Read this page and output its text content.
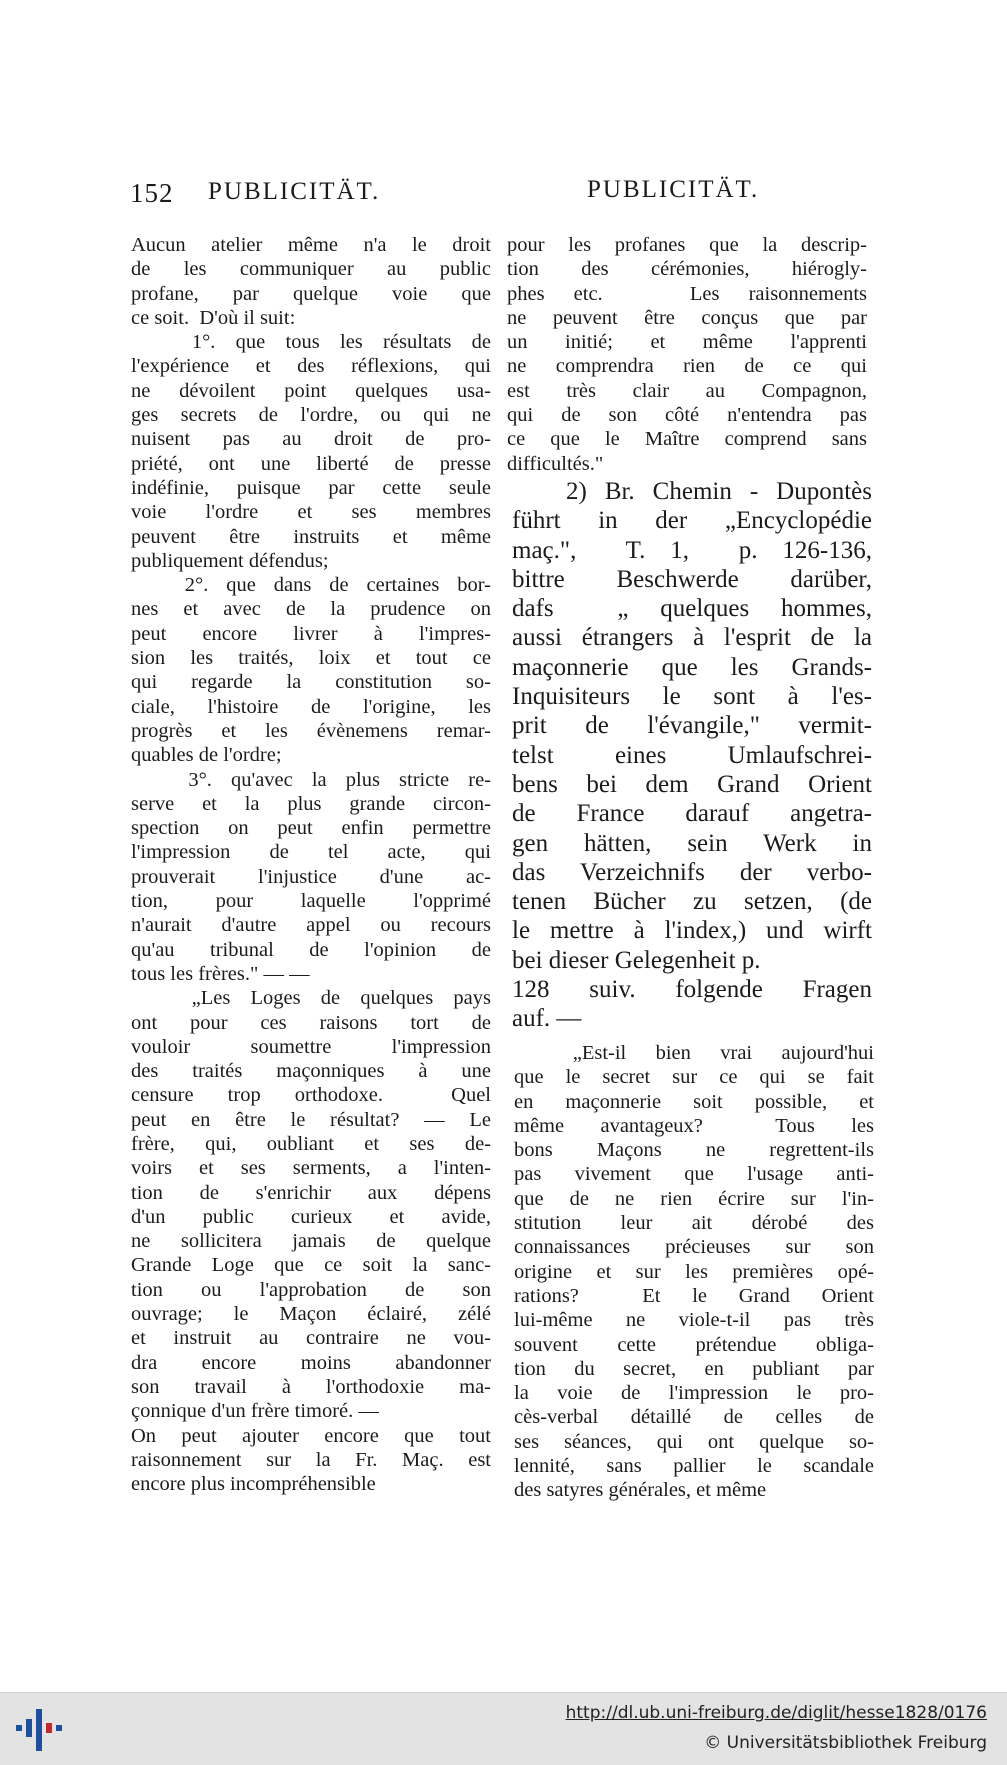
152 PUBLICITÄT.	PUBLICITÄT.
Aucun atelier même n'a le droit
de les communiquer au public
profane, par quelque voie que
ce soit.  D'où il suit:
1°. que tous les résultats de
l'expérience et des réflexions, qui
ne dévoilent point quelques usa-
ges secrets de l'ordre, ou qui ne
nuisent pas au droit de pro-
priété, ont une liberté de presse
indéfinie, puisque par cette seule
voie l'ordre et ses membres
peuvent être instruits et même
publiquement défendus;
2°. que dans de certaines bor-
nes et avec de la prudence on
peut encore livrer à l'impres-
sion les traités, loix et tout ce
qui regarde la constitution so-
ciale, l'histoire de l'origine, les
progrès et les évènemens remar-
quables de l'ordre;
3°. qu'avec la plus stricte re-
serve et la plus grande circon-
spection on peut enfin permettre
l'impression de tel acte, qui
prouverait l'injustice d'une ac-
tion, pour laquelle l'opprimé
n'aurait d'autre appel ou recours
qu'au tribunal de l'opinion de
tous les frères." — —
„Les Loges de quelques pays
ont pour ces raisons tort de
vouloir soumettre l'impression
des traités maçonniques à une
censure trop orthodoxe.  Quel
peut en être le résultat? — Le
frère, qui, oubliant et ses de-
voirs et ses serments, a l'inten-
tion de s'enrichir aux dépens
d'un public curieux et avide,
ne sollicitera jamais de quelque
Grande Loge que ce soit la sanc-
tion ou l'approbation de son
ouvrage; le Maçon éclairé, zélé
et instruit au contraire ne vou-
dra encore moins abandonner
son travail à l'orthodoxie ma-
çonnique d'un frère timoré. —
On peut ajouter encore que tout
raisonnement sur la Fr. Maç. est
encore plus incompréhensible
pour les profanes que la descrip-
tion des cérémonies, hiérogly-
phes etc.   Les raisonnements
ne peuvent être conçus que par
un initié; et même l'apprenti
ne comprendra rien de ce qui
est très clair au Compagnon,
qui de son côté n'entendra pas
ce que le Maître comprend sans
difficultés."
2) Br. Chemin - Dupontès
führt in der „Encyclopédie
maç.",  T. 1,  p. 126-136,
bittre Beschwerde darüber,
dafs  „ quelques hommes,
aussi étrangers à l'esprit de la
maçonnerie que les Grands-
Inquisiteurs le sont à l'es-
prit de l'évangile," vermit-
telst eines Umlaufschrei-
bens bei dem Grand Orient
de France darauf angetra-
gen hätten, sein Werk in
das Verzeichnifs der verbo-
tenen Bücher zu setzen, (de
le mettre à l'index,) und wirft
bei dieser Gelegenheit p.
128 suiv. folgende Fragen
auf. —
„Est-il bien vrai aujourd'hui
que le secret sur ce qui se fait
en maçonnerie soit possible, et
même avantageux?  Tous les
bons Maçons ne regrettent-ils
pas vivement que l'usage anti-
que de ne rien écrire sur l'in-
stitution leur ait dérobé des
connaissances précieuses sur son
origine et sur les premières opé-
rations?  Et le Grand Orient
lui-même ne viole-t-il pas très
souvent cette prétendue obliga-
tion du secret, en publiant par
la voie de l'impression le pro-
cès-verbal détaillé de celles de
ses séances, qui ont quelque so-
lennité, sans pallier le scandale
des satyres générales, et même
http://dl.ub.uni-freiburg.de/diglit/hesse1828/0176
© Universitätsbibliothek Freiburg
